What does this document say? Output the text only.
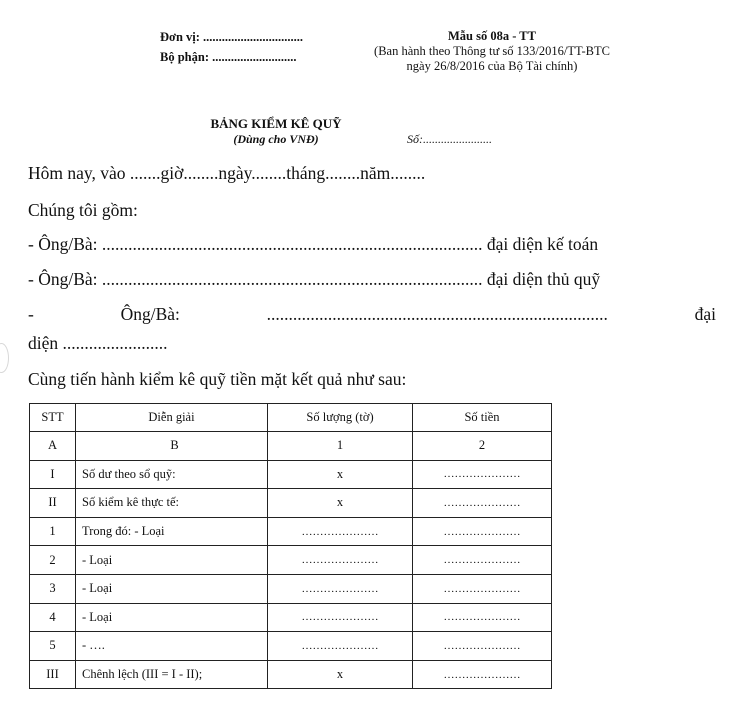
Đơn vị: ................................
Bộ phận: ...........................
Mẫu số 08a - TT
(Ban hành theo Thông tư số 133/2016/TT-BTC
ngày 26/8/2016 của Bộ Tài chính)
BẢNG KIỂM KÊ QUỸ
(Dùng cho VNĐ)	Số:.......................
Hôm nay, vào .......giờ........ngày........tháng........năm........
Chúng tôi gồm:
- Ông/Bà: ....................................................................................... đại diện kế toán
- Ông/Bà: ....................................................................................... đại diện thủ quỹ
-	Ông/Bà:	..............................................................................	đại
diện ........................
Cùng tiến hành kiểm kê quỹ tiền mặt kết quả như sau:
STT	Diễn giải	Số lượng (tờ)	Số tiền
A	B	1	2
I	Số dư theo sổ quỹ:	x	…………………
II	Số kiểm kê thực tế:	x	…………………
1	Trong đó: - Loại	…………………	…………………
2	- Loại	…………………	…………………
3	- Loại	…………………	…………………
4	- Loại	…………………	…………………
5	- ….	…………………	…………………
III	Chênh lệch (III = I - II);	x	…………………
